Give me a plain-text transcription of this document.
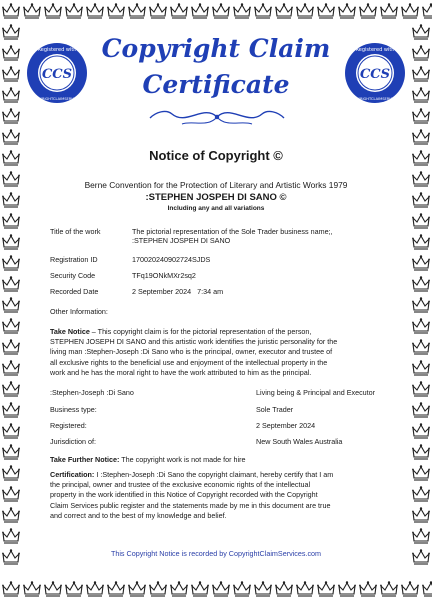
CCS
Registered with
COPYRIGHTCLAIMSERVICES
CCS
Registered with
COPYRIGHTCLAIMSERVICES
Copyright Claim
Certificate
Notice of Copyright ©
Berne Convention for the Protection of Literary and Artistic Works 1979
:STEPHEN JOSPEH DI SANO ©
Including any and all variations
Title of the work	The pictorial representation of the Sole Trader business name;,
:STEPHEN JOSPEH DI SANO
Registration ID	170020240902724SJDS
Security Code	TFq19ONkMXr2sq2
Recorded Date	2 September 2024 7:34 am
Other Information:
Take Notice – This copyright claim is for the pictorial representation of the person,
STEPHEN JOSEPH DI SANO and this artistic work identifies the juristic personality for the
living man :Stephen-Joseph :Di Sano who is the principal, owner, executor and trustee of
all exclusive rights to the beneficial use and enjoyment of the intellectual property in the
work and he has the moral right to have the work attributed to him as the principal.
:Stephen-Joseph :Di Sano	Living being & Principal and Executor
Business type:	Sole Trader
Registered:	2 September 2024
Jurisdiction of:	New South Wales Australia
Take Further Notice: The copyright work is not made for hire
Certification: I :Stephen-Joseph :Di Sano the copyright claimant, hereby certify that I am
the principal, owner and trustee of the exclusive economic rights of the intellectual
property in the work identified in this Notice of Copyright recorded with the Copyright
Claim Services public register and the statements made by me in this document are true
and correct and to the best of my knowledge and belief.
This Copyright Notice is recorded by CopyrightClaimServices.com
